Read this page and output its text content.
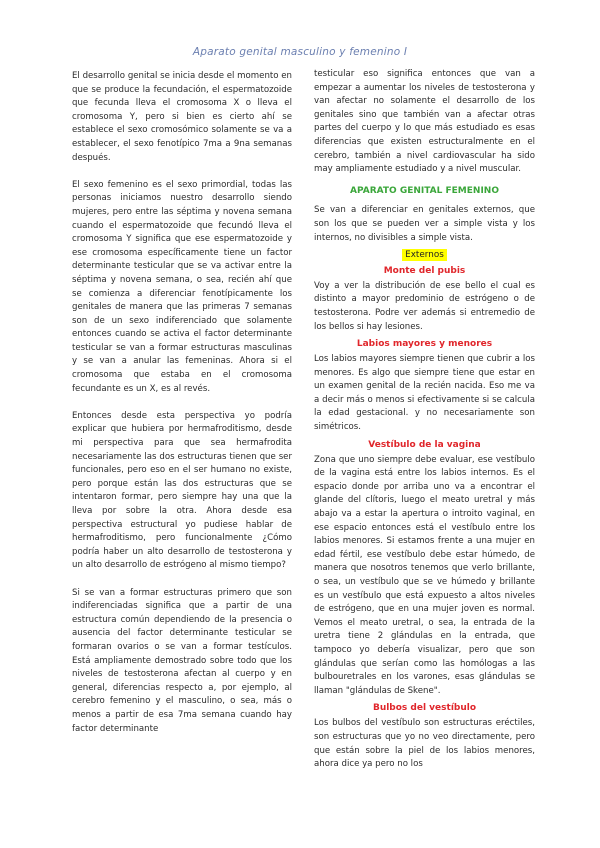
Aparato genital masculino y femenino I

El desarrollo genital se inicia desde el momento en que se produce la fecundación, el espermatozoide que fecunda lleva el cromosoma X o lleva el cromosoma Y, pero si bien es cierto ahí se establece el sexo cromosómico solamente se va a establecer, el sexo fenotípico 7ma a 9na semanas después.

El sexo femenino es el sexo primordial, todas las personas iniciamos nuestro desarrollo siendo mujeres, pero entre las séptima y novena semana cuando el espermatozoide que fecundó lleva el cromosoma Y significa que ese espermatozoide y ese cromosoma específicamente tiene un factor determinante testicular que se va activar entre la séptima y novena semana, o sea, recién ahí que se comienza a diferenciar fenotípicamente los genitales de manera que las primeras 7 semanas son de un sexo indiferenciado que solamente entonces cuando se activa el factor determinante testicular se van a formar estructuras masculinas y se van a anular las femeninas. Ahora si el cromosoma que estaba en el cromosoma fecundante es un X, es al revés.

Entonces desde esta perspectiva yo podría explicar que hubiera por hermafroditismo, desde mi perspectiva para que sea hermafrodita necesariamente las dos estructuras tienen que ser funcionales, pero eso en el ser humano no existe, pero porque están las dos estructuras que se intentaron formar, pero siempre hay una que la lleva por sobre la otra. Ahora desde esa perspectiva estructural yo pudiese hablar de hermafroditismo, pero funcionalmente ¿Cómo podría haber un alto desarrollo de testosterona y un alto desarrollo de estrógeno al mismo tiempo?

Si se van a formar estructuras primero que son indiferenciadas significa que a partir de una estructura común dependiendo de la presencia o ausencia del factor determinante testicular se formaran ovarios o se van a formar testículos. Está ampliamente demostrado sobre todo que los niveles de testosterona afectan al cuerpo y en general, diferencias respecto a, por ejemplo, al cerebro femenino y el masculino, o sea, más o menos a partir de esa 7ma semana cuando hay factor determinante

testicular eso significa entonces que van a empezar a aumentar los niveles de testosterona y van afectar no solamente el desarrollo de los genitales sino que también van a afectar otras partes del cuerpo y lo que más estudiado es esas diferencias que existen estructuralmente en el cerebro, también a nivel cardiovascular ha sido may ampliamente estudiado y a nivel muscular.

APARATO GENITAL FEMENINO

Se van a diferenciar en genitales externos, que son los que se pueden ver a simple vista y los internos, no divisibles a simple vista.

Externos
Monte del pubis

Voy a ver la distribución de ese bello el cual es distinto a mayor predominio de estrógeno o de testosterona. Podre ver además si entremedio de los bellos si hay lesiones.

Labios mayores y menores

Los labios mayores siempre tienen que cubrir a los menores. Es algo que siempre tiene que estar en un examen genital de la recién nacida. Eso me va a decir más o menos si efectivamente si se calcula la edad gestacional. y no necesariamente son simétricos.

Vestíbulo de la vagina

Zona que uno siempre debe evaluar, ese vestíbulo de la vagina está entre los labios internos. Es el espacio donde por arriba uno va a encontrar el glande del clítoris, luego el meato uretral y más abajo va a estar la apertura o introito vaginal, en ese espacio entonces está el vestíbulo entre los labios menores. Si estamos frente a una mujer en edad fértil, ese vestíbulo debe estar húmedo, de manera que nosotros tenemos que verlo brillante, o sea, un vestíbulo que se ve húmedo y brillante es un vestíbulo que está expuesto a altos niveles de estrógeno, que en una mujer joven es normal. Vemos el meato uretral, o sea, la entrada de la uretra tiene 2 glándulas en la entrada, que tampoco yo debería visualizar, pero que son glándulas que serían como las homólogas a las bulbouretrales en los varones, esas glándulas se llaman "glándulas de Skene".

Bulbos del vestíbulo

Los bulbos del vestíbulo son estructuras eréctiles, son estructuras que yo no veo directamente, pero que están sobre la piel de los labios menores, ahora dice ya pero no los
